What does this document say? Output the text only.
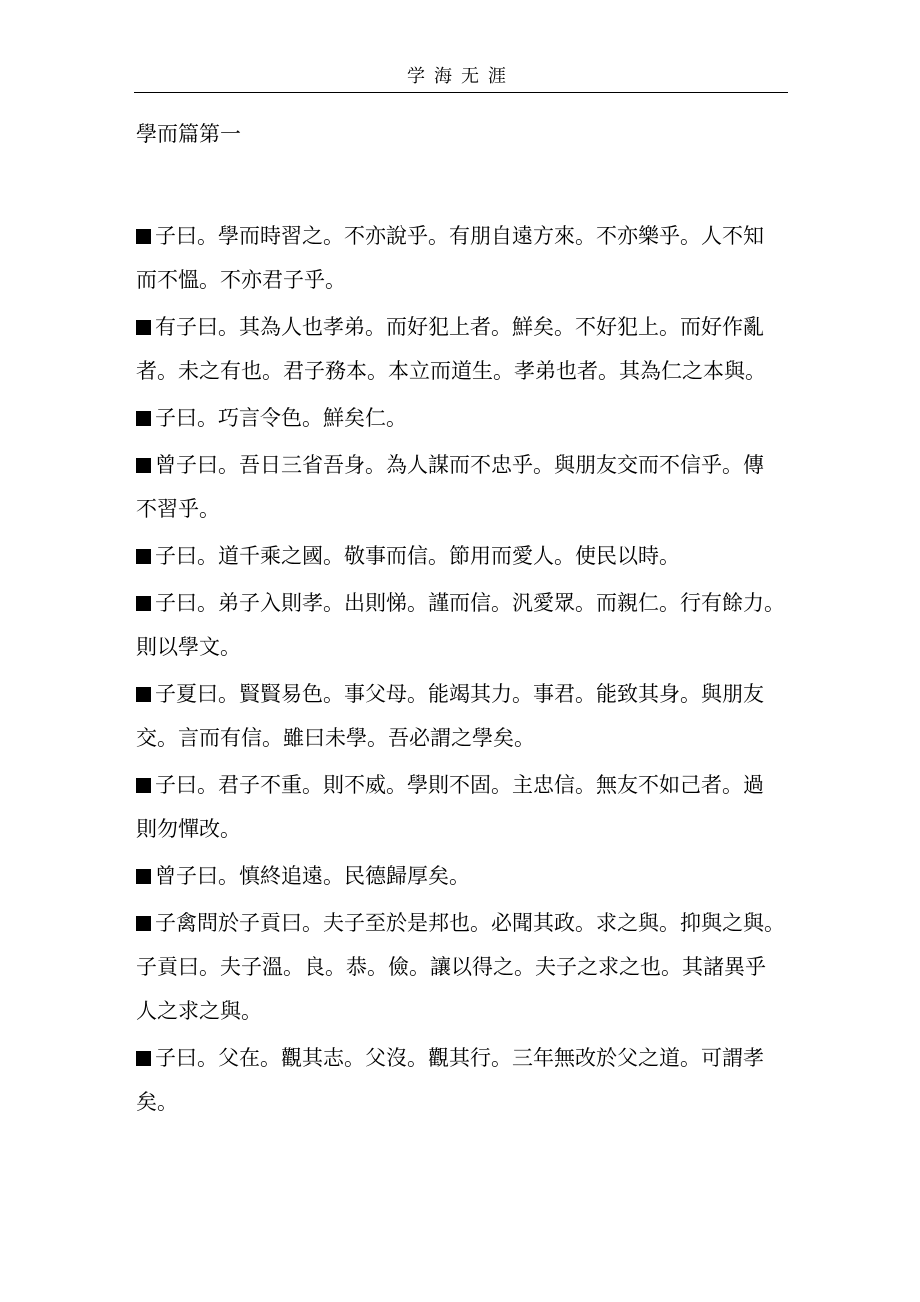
学海无涯
學而篇第一
子曰。學而時習之。不亦說乎。有朋自遠方來。不亦樂乎。人不知
而不慍。不亦君子乎。
有子曰。其為人也孝弟。而好犯上者。鮮矣。不好犯上。而好作亂
者。未之有也。君子務本。本立而道生。孝弟也者。其為仁之本與。
子曰。巧言令色。鮮矣仁。
曾子曰。吾日三省吾身。為人謀而不忠乎。與朋友交而不信乎。傳
不習乎。
子曰。道千乘之國。敬事而信。節用而愛人。使民以時。
子曰。弟子入則孝。出則悌。謹而信。汎愛眾。而親仁。行有餘力。
則以學文。
子夏曰。賢賢易色。事父母。能竭其力。事君。能致其身。與朋友
交。言而有信。雖曰未學。吾必謂之學矣。
子曰。君子不重。則不威。學則不固。主忠信。無友不如己者。過
則勿憚改。
曾子曰。慎終追遠。民德歸厚矣。
子禽問於子貢曰。夫子至於是邦也。必聞其政。求之與。抑與之與。
子貢曰。夫子溫。良。恭。儉。讓以得之。夫子之求之也。其諸異乎
人之求之與。
子曰。父在。觀其志。父沒。觀其行。三年無改於父之道。可謂孝
矣。
